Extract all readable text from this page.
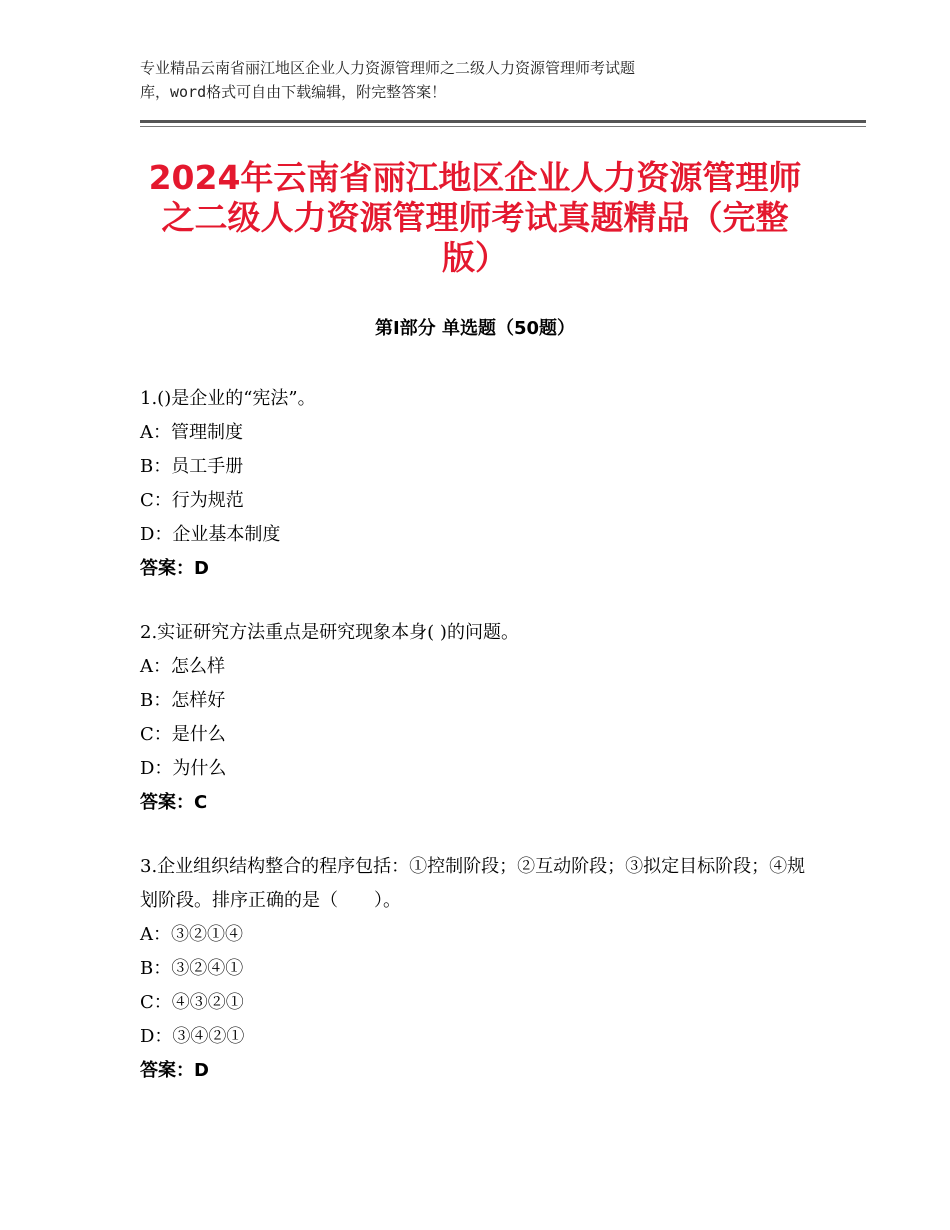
专业精品云南省丽江地区企业人力资源管理师之二级人力资源管理师考试题
库，word格式可自由下载编辑，附完整答案！
2024年云南省丽江地区企业人力资源管理师
之二级人力资源管理师考试真题精品（完整
版）
第Ⅰ部分 单选题（50题）
1.()是企业的“宪法”。
A：管理制度
B：员工手册
C：行为规范
D：企业基本制度
答案：D
2.实证研究方法重点是研究现象本身( )的问题。
A：怎么样
B：怎样好
C：是什么
D：为什么
答案：C
3.企业组织结构整合的程序包括：①控制阶段；②互动阶段；③拟定目标阶段；④规划阶段。排序正确的是（　　）。
A：③②①④
B：③②④①
C：④③②①
D：③④②①
答案：D
